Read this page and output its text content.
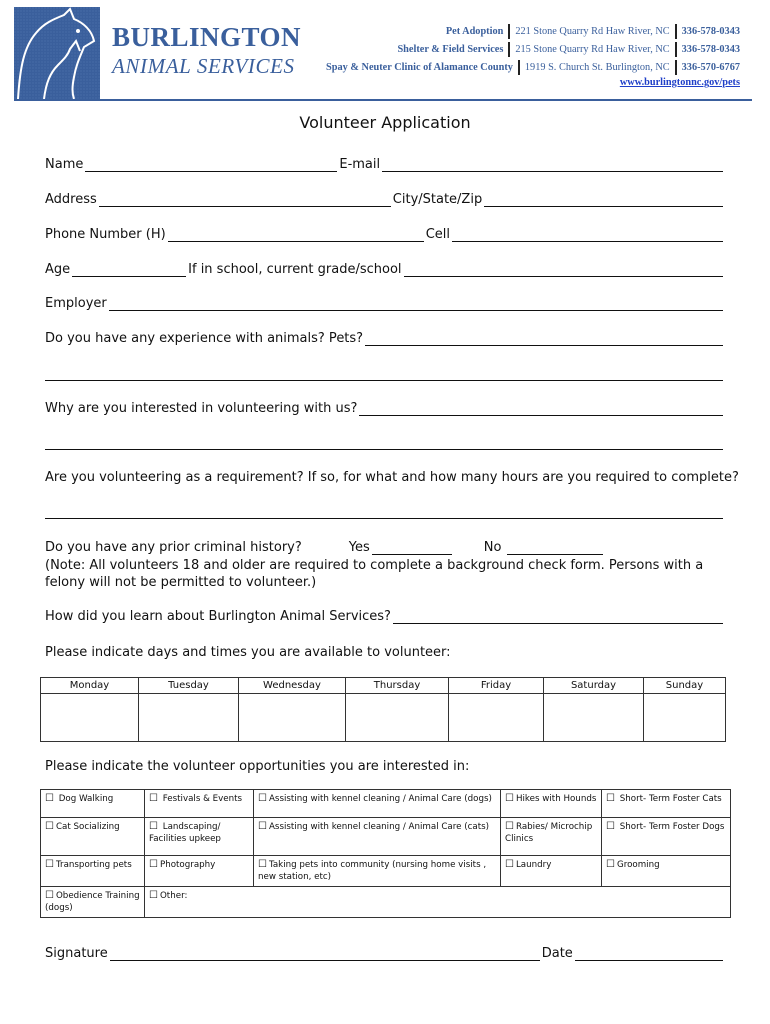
BURLINGTON
ANIMAL SERVICES
Pet Adoption 221 Stone Quarry Rd Haw River, NC 336-578-0343
Shelter & Field Services 215 Stone Quarry Rd Haw River, NC 336-578-0343
Spay & Neuter Clinic of Alamance County 1919 S. Church St. Burlington, NC 336-570-6767
www.burlingtonnc.gov/pets
Volunteer Application
Name	E-mail
Address	City/State/Zip
Phone Number (H)	Cell
Age	If in school, current grade/school
Employer
Do you have any experience with animals? Pets?
Why are you interested in volunteering with us?
Are you volunteering as a requirement? If so, for what and how many hours are you required to complete?
Do you have any prior criminal history?	Yes	No
(Note: All volunteers 18 and older are required to complete a background check form. Persons with a felony will not be permitted to volunteer.)
How did you learn about Burlington Animal Services?
Please indicate days and times you are available to volunteer:
Monday	Tuesday	Wednesday	Thursday	Friday	Saturday	Sunday

Please indicate the volunteer opportunities you are interested in:
☐ Dog Walking	☐ Festivals & Events	☐ Assisting with kennel cleaning / Animal Care (dogs)	☐ Hikes with Hounds	☐ Short- Term Foster Cats
☐ Cat Socializing	☐ Landscaping/ Facilities upkeep	☐ Assisting with kennel cleaning / Animal Care (cats)	☐ Rabies/ Microchip Clinics	☐ Short- Term Foster Dogs
☐ Transporting pets	☐ Photography	☐ Taking pets into community (nursing home visits , new station, etc)	☐ Laundry	☐ Grooming
☐ Obedience Training (dogs)	☐ Other:			
Signature	Date
